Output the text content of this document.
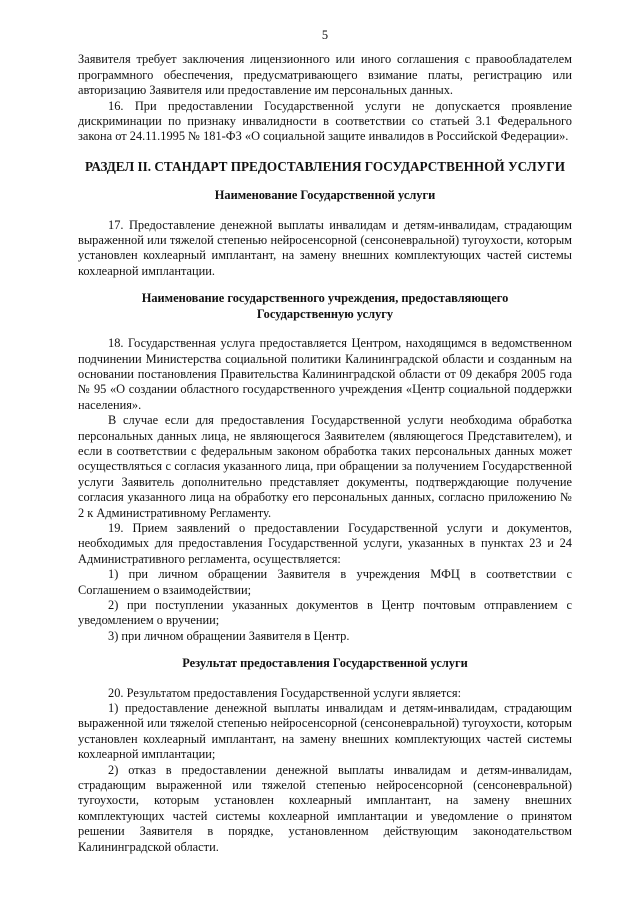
5

Заявителя требует заключения лицензионного или иного соглашения с правообладателем программного обеспечения, предусматривающего взимание платы, регистрацию или авторизацию Заявителя или предоставление им персональных данных.

16. При предоставлении Государственной услуги не допускается проявление дискриминации по признаку инвалидности в соответствии со статьей 3.1 Федерального закона от 24.11.1995 № 181-ФЗ «О социальной защите инвалидов в Российской Федерации».

РАЗДЕЛ II. СТАНДАРТ ПРЕДОСТАВЛЕНИЯ ГОСУДАРСТВЕННОЙ УСЛУГИ
Наименование Государственной услуги

17. Предоставление денежной выплаты инвалидам и детям-инвалидам, страдающим выраженной или тяжелой степенью нейросенсорной (сенсоневральной) тугоухости, которым установлен кохлеарный имплантант, на замену внешних комплектующих частей системы кохлеарной имплантации.

Наименование государственного учреждения, предоставляющего
Государственную услугу

18. Государственная услуга предоставляется Центром, находящимся в ведомственном подчинении Министерства социальной политики Калининградской области и созданным на основании постановления Правительства Калининградской области от 09 декабря 2005 года № 95 «О создании областного государственного учреждения «Центр социальной поддержки населения».

В случае если для предоставления Государственной услуги необходима обработка персональных данных лица, не являющегося Заявителем (являющегося Представителем), и если в соответствии с федеральным законом обработка таких персональных данных может осуществляться с согласия указанного лица, при обращении за получением Государственной услуги Заявитель дополнительно представляет документы, подтверждающие получение согласия указанного лица на обработку его персональных данных, согласно приложению № 2 к Административному Регламенту.

19. Прием заявлений о предоставлении Государственной услуги и документов, необходимых для предоставления Государственной услуги, указанных в пунктах 23 и 24 Административного регламента, осуществляется:

1) при личном обращении Заявителя в учреждения МФЦ в соответствии с Соглашением о взаимодействии;

2) при поступлении указанных документов в Центр почтовым отправлением с уведомлением о вручении;

3) при личном обращении Заявителя в Центр.

Результат предоставления Государственной услуги

20. Результатом предоставления Государственной услуги является:

1) предоставление денежной выплаты инвалидам и детям-инвалидам, страдающим выраженной или тяжелой степенью нейросенсорной (сенсоневральной) тугоухости, которым установлен кохлеарный имплантант, на замену внешних комплектующих частей системы кохлеарной имплантации;

2) отказ в предоставлении денежной выплаты инвалидам и детям-инвалидам, страдающим выраженной или тяжелой степенью нейросенсорной (сенсоневральной) тугоухости, которым установлен кохлеарный имплантант, на замену внешних комплектующих частей системы кохлеарной имплантации и уведомление о принятом решении Заявителя в порядке, установленном действующим законодательством Калининградской области.
